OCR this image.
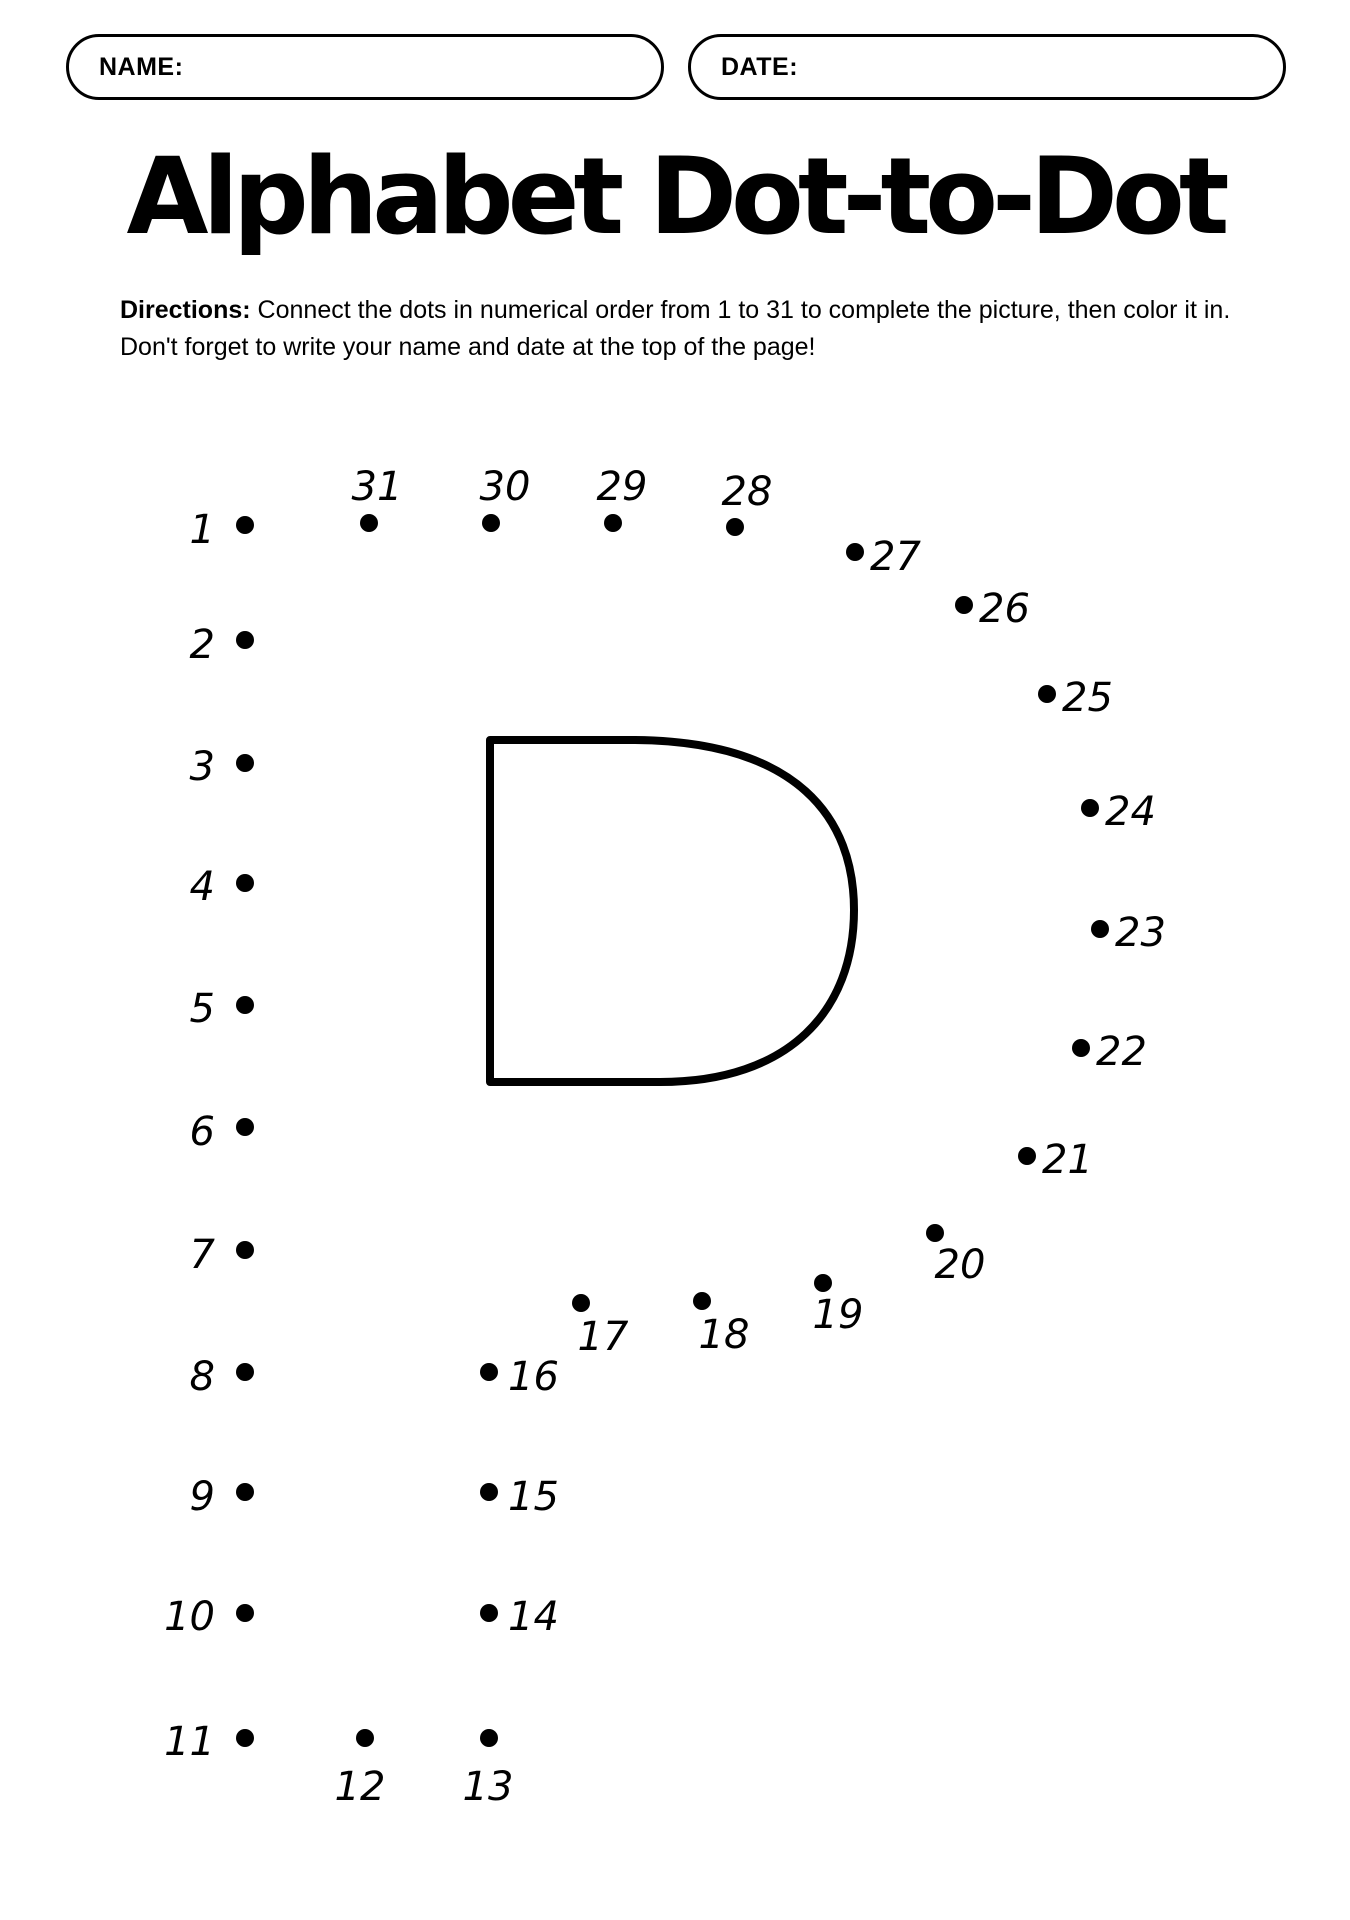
NAME:	DATE:
Alphabet Dot-to-Dot
Directions: Connect the dots in numerical order from 1 to 31 to complete the picture, then color it in.
Don't forget to write your name and date at the top of the page!
1
2
3
4
5
6
7
8
9
10
11
12 13
14
15
16
17 18 19
20
21
22
23
24
25
26
27
28
29
30
31
